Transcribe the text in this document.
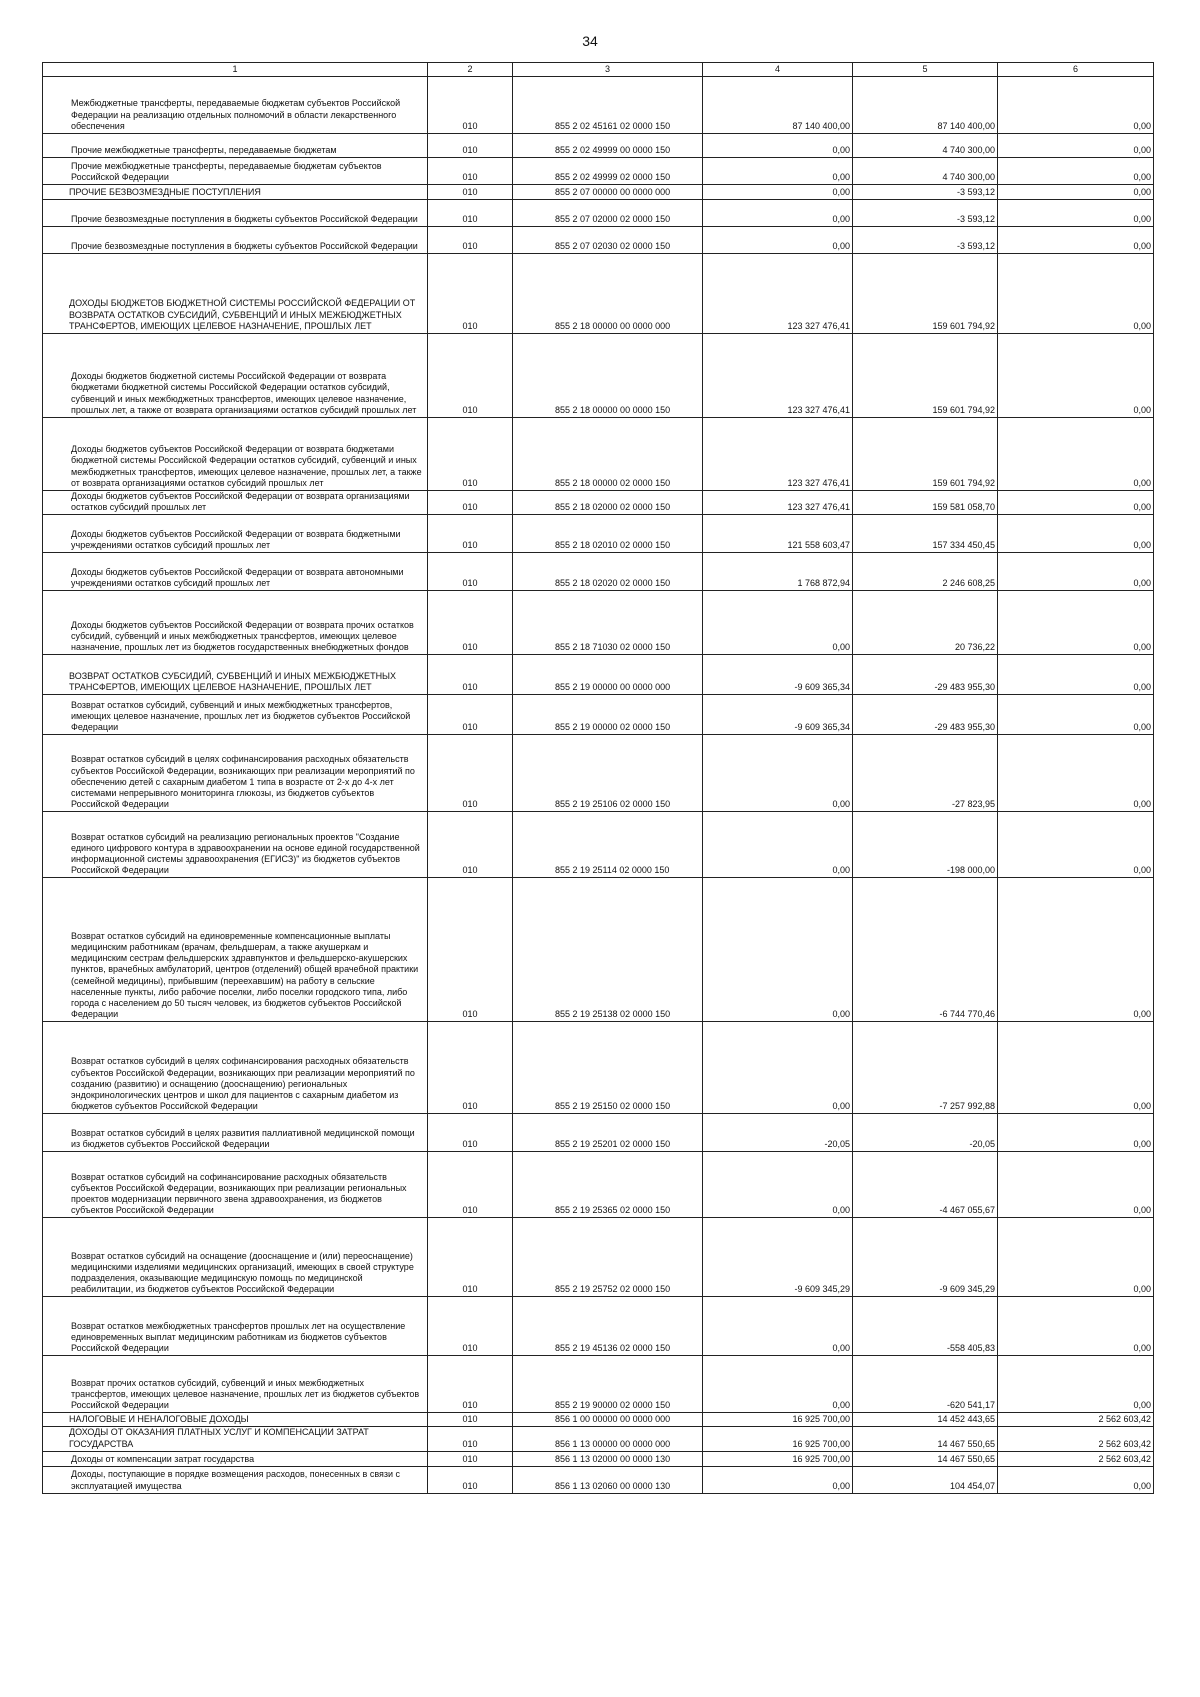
34
1	2	3	4	5	6
Межбюджетные трансферты, передаваемые бюджетам субъектов Российской Федерации на реализацию отдельных полномочий в области лекарственного обеспечения	010	855 2 02 45161 02 0000 150	87 140 400,00	87 140 400,00	0,00
Прочие межбюджетные трансферты, передаваемые бюджетам	010	855 2 02 49999 00 0000 150	0,00	4 740 300,00	0,00
Прочие межбюджетные трансферты, передаваемые бюджетам субъектов Российской Федерации	010	855 2 02 49999 02 0000 150	0,00	4 740 300,00	0,00
ПРОЧИЕ БЕЗВОЗМЕЗДНЫЕ ПОСТУПЛЕНИЯ	010	855 2 07 00000 00 0000 000	0,00	-3 593,12	0,00
Прочие безвозмездные поступления в бюджеты субъектов Российской Федерации	010	855 2 07 02000 02 0000 150	0,00	-3 593,12	0,00
Прочие безвозмездные поступления в бюджеты субъектов Российской Федерации	010	855 2 07 02030 02 0000 150	0,00	-3 593,12	0,00
ДОХОДЫ БЮДЖЕТОВ БЮДЖЕТНОЙ СИСТЕМЫ РОССИЙСКОЙ ФЕДЕРАЦИИ ОТ ВОЗВРАТА ОСТАТКОВ СУБСИДИЙ, СУБВЕНЦИЙ И ИНЫХ МЕЖБЮДЖЕТНЫХ ТРАНСФЕРТОВ, ИМЕЮЩИХ ЦЕЛЕВОЕ НАЗНАЧЕНИЕ, ПРОШЛЫХ ЛЕТ	010	855 2 18 00000 00 0000 000	123 327 476,41	159 601 794,92	0,00
Доходы бюджетов бюджетной системы Российской Федерации от возврата бюджетами бюджетной системы Российской Федерации остатков субсидий, субвенций и иных межбюджетных трансфертов, имеющих целевое назначение, прошлых лет, а также от возврата организациями остатков субсидий прошлых лет	010	855 2 18 00000 00 0000 150	123 327 476,41	159 601 794,92	0,00
Доходы бюджетов субъектов Российской Федерации от возврата бюджетами бюджетной системы Российской Федерации остатков субсидий, субвенций и иных межбюджетных трансфертов, имеющих целевое назначение, прошлых лет, а также от возврата организациями остатков субсидий прошлых лет	010	855 2 18 00000 02 0000 150	123 327 476,41	159 601 794,92	0,00
Доходы бюджетов субъектов Российской Федерации от возврата организациями остатков субсидий прошлых лет	010	855 2 18 02000 02 0000 150	123 327 476,41	159 581 058,70	0,00
Доходы бюджетов субъектов Российской Федерации от возврата бюджетными учреждениями остатков субсидий прошлых лет	010	855 2 18 02010 02 0000 150	121 558 603,47	157 334 450,45	0,00
Доходы бюджетов субъектов Российской Федерации от возврата автономными учреждениями остатков субсидий прошлых лет	010	855 2 18 02020 02 0000 150	1 768 872,94	2 246 608,25	0,00
Доходы бюджетов субъектов Российской Федерации от возврата прочих остатков субсидий, субвенций и иных межбюджетных трансфертов, имеющих целевое назначение, прошлых лет из бюджетов государственных внебюджетных фондов	010	855 2 18 71030 02 0000 150	0,00	20 736,22	0,00
ВОЗВРАТ ОСТАТКОВ СУБСИДИЙ, СУБВЕНЦИЙ И ИНЫХ МЕЖБЮДЖЕТНЫХ ТРАНСФЕРТОВ, ИМЕЮЩИХ ЦЕЛЕВОЕ НАЗНАЧЕНИЕ, ПРОШЛЫХ ЛЕТ	010	855 2 19 00000 00 0000 000	-9 609 365,34	-29 483 955,30	0,00
Возврат остатков субсидий, субвенций и иных межбюджетных трансфертов, имеющих целевое назначение, прошлых лет из бюджетов субъектов Российской Федерации	010	855 2 19 00000 02 0000 150	-9 609 365,34	-29 483 955,30	0,00
Возврат остатков субсидий в целях софинансирования расходных обязательств субъектов Российской Федерации, возникающих при реализации мероприятий по обеспечению детей с сахарным диабетом 1 типа в возрасте от 2-х до 4-х лет системами непрерывного мониторинга глюкозы, из бюджетов субъектов Российской Федерации	010	855 2 19 25106 02 0000 150	0,00	-27 823,95	0,00
Возврат остатков субсидий на реализацию региональных проектов "Создание единого цифрового контура в здравоохранении на основе единой государственной информационной системы здравоохранения (ЕГИСЗ)" из бюджетов субъектов Российской Федерации	010	855 2 19 25114 02 0000 150	0,00	-198 000,00	0,00
Возврат остатков субсидий на единовременные компенсационные выплаты медицинским работникам (врачам, фельдшерам, а также акушеркам и медицинским сестрам фельдшерских здравпунктов и фельдшерско-акушерских пунктов, врачебных амбулаторий, центров (отделений) общей врачебной практики (семейной медицины), прибывшим (переехавшим) на работу в сельские населенные пункты, либо рабочие поселки, либо поселки городского типа, либо города с населением до 50 тысяч человек, из бюджетов субъектов Российской Федерации	010	855 2 19 25138 02 0000 150	0,00	-6 744 770,46	0,00
Возврат остатков субсидий в целях софинансирования расходных обязательств субъектов Российской Федерации, возникающих при реализации мероприятий по созданию (развитию) и оснащению (дооснащению) региональных эндокринологических центров и школ для пациентов с сахарным диабетом из бюджетов субъектов Российской Федерации	010	855 2 19 25150 02 0000 150	0,00	-7 257 992,88	0,00
Возврат остатков субсидий в целях развития паллиативной медицинской помощи из бюджетов субъектов Российской Федерации	010	855 2 19 25201 02 0000 150	-20,05	-20,05	0,00
Возврат остатков субсидий на софинансирование расходных обязательств субъектов Российской Федерации, возникающих при реализации региональных проектов модернизации первичного звена здравоохранения, из бюджетов субъектов Российской Федерации	010	855 2 19 25365 02 0000 150	0,00	-4 467 055,67	0,00
Возврат остатков субсидий на оснащение (дооснащение и (или) переоснащение) медицинскими изделиями медицинских организаций, имеющих в своей структуре подразделения, оказывающие медицинскую помощь по медицинской реабилитации, из бюджетов субъектов Российской Федерации	010	855 2 19 25752 02 0000 150	-9 609 345,29	-9 609 345,29	0,00
Возврат остатков межбюджетных трансфертов прошлых лет на осуществление единовременных выплат медицинским работникам из бюджетов субъектов Российской Федерации	010	855 2 19 45136 02 0000 150	0,00	-558 405,83	0,00
Возврат прочих остатков субсидий, субвенций и иных межбюджетных трансфертов, имеющих целевое назначение, прошлых лет из бюджетов субъектов Российской Федерации	010	855 2 19 90000 02 0000 150	0,00	-620 541,17	0,00
НАЛОГОВЫЕ И НЕНАЛОГОВЫЕ ДОХОДЫ	010	856 1 00 00000 00 0000 000	16 925 700,00	14 452 443,65	2 562 603,42
ДОХОДЫ ОТ ОКАЗАНИЯ ПЛАТНЫХ УСЛУГ И КОМПЕНСАЦИИ ЗАТРАТ ГОСУДАРСТВА	010	856 1 13 00000 00 0000 000	16 925 700,00	14 467 550,65	2 562 603,42
Доходы от компенсации затрат государства	010	856 1 13 02000 00 0000 130	16 925 700,00	14 467 550,65	2 562 603,42
Доходы, поступающие в порядке возмещения расходов, понесенных в связи с эксплуатацией имущества	010	856 1 13 02060 00 0000 130	0,00	104 454,07	0,00
